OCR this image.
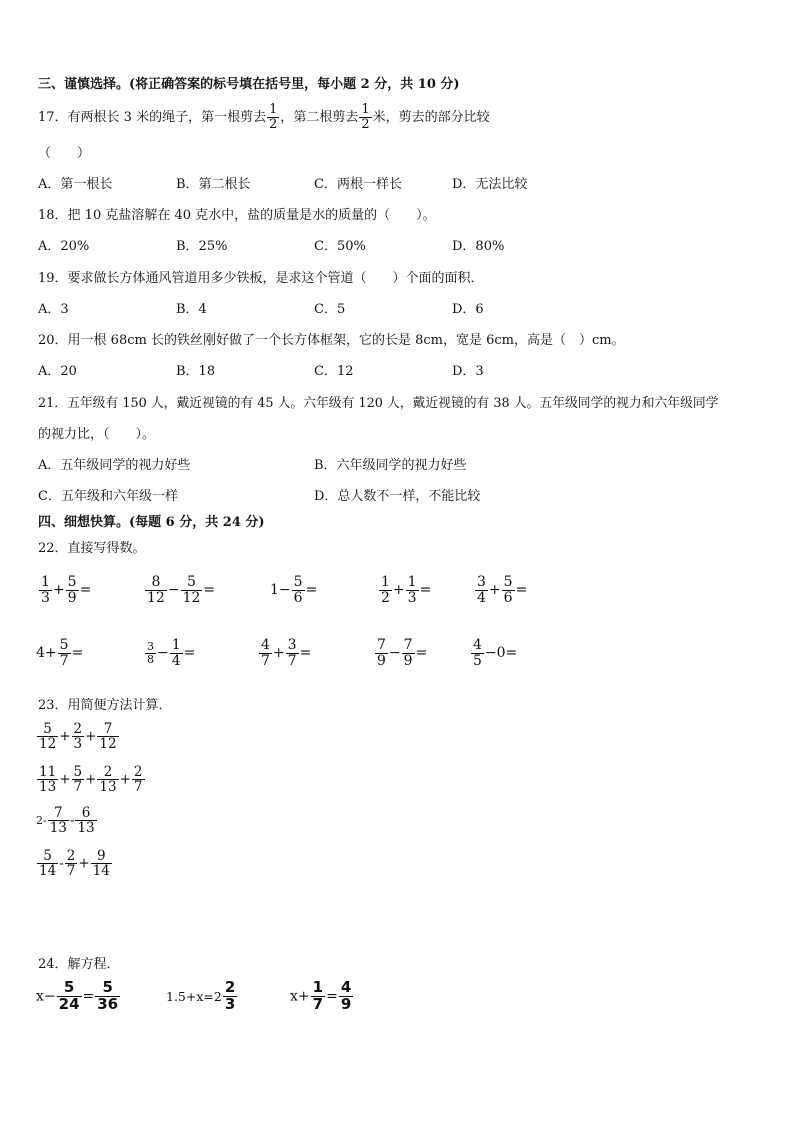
三、谨慎选择。(将正确答案的标号填在括号里，每小题 2 分，共 10 分)
17．有两根长 3 米的绳子，第一根剪去 $\frac{1}{2}$ ，第二根剪去 $\frac{1}{2}$ 米，剪去的部分比较
（　　）
A．第一根长	B．第二根长	C．两根一样长	D．无法比较
18．把 10 克盐溶解在 40 克水中，盐的质量是水的质量的（　　）。
A．20%	B．25%	C．50%	D．80%
19．要求做长方体通风管道用多少铁板，是求这个管道（　　）个面的面积．
A．3	B．4	C．5	D．6
20．用一根 68cm 长的铁丝刚好做了一个长方体框架，它的长是 8cm，宽是 6cm，高是（　）cm。
A．20	B．18	C．12	D．3
21．五年级有 150 人，戴近视镜的有 45 人。六年级有 120 人，戴近视镜的有 38 人。五年级同学的视力和六年级同学
的视力比，（　　）。
A．五年级同学的视力好些	B．六年级同学的视力好些
C．五年级和六年级一样	D．总人数不一样，不能比较
四、细想快算。(每题 6 分，共 24 分)
22．直接写得数。
$\frac{1}{3} + \frac{5}{9}$ =	$\frac{8}{12} - \frac{5}{12}$ =	$1- \frac{5}{6}$ =	$\frac{1}{2} + \frac{1}{3}$ =	$\frac{3}{4} + \frac{5}{6}$ =
$4+ \frac{5}{7}$ =	$\frac{3}{8} - \frac{1}{4}$ =	$\frac{4}{7} + \frac{3}{7}$ =	$\frac{7}{9} - \frac{7}{9}$ =	$\frac{4}{5} -0=$
23．用简便方法计算．
$\frac{5}{12} + \frac{2}{3} + \frac{7}{12}$
$\frac{11}{13} + \frac{5}{7} + \frac{2}{13} + \frac{2}{7}$
$2- \frac{7}{13} - \frac{6}{13}$
$\frac{5}{14} - \frac{2}{7} + \frac{9}{14}$
24．解方程．
$x- \frac{5}{24} = \frac{5}{36}$	$1.5+x=2 \frac{2}{3}$	$x+ \frac{1}{7} = \frac{4}{9}$
